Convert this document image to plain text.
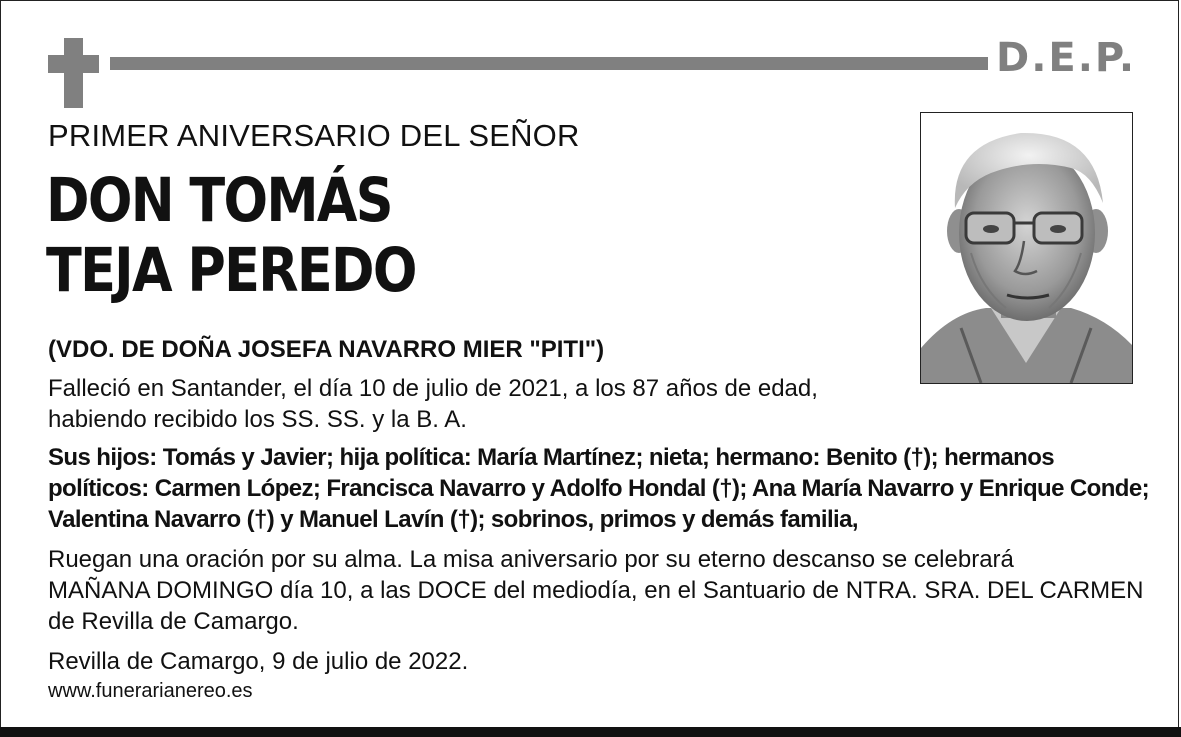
D.E.P.
PRIMER ANIVERSARIO DEL SEÑOR
DON TOMÁS
TEJA PEREDO
(VDO. DE DOÑA JOSEFA NAVARRO MIER "PITI")
Falleció en Santander, el día 10 de julio de 2021, a los 87 años de edad,
habiendo recibido los SS. SS. y la B. A.
Sus hijos: Tomás y Javier; hija política: María Martínez; nieta; hermano: Benito (†); hermanos
políticos: Carmen López; Francisca Navarro y Adolfo Hondal (†); Ana María Navarro y Enrique Conde;
Valentina Navarro (†) y Manuel Lavín (†); sobrinos, primos y demás familia,
Ruegan una oración por su alma. La misa aniversario por su eterno descanso se celebrará
MAÑANA DOMINGO día 10, a las DOCE del mediodía, en el Santuario de NTRA. SRA. DEL CARMEN
de Revilla de Camargo.
Revilla de Camargo, 9 de julio de 2022.
www.funerarianereo.es
